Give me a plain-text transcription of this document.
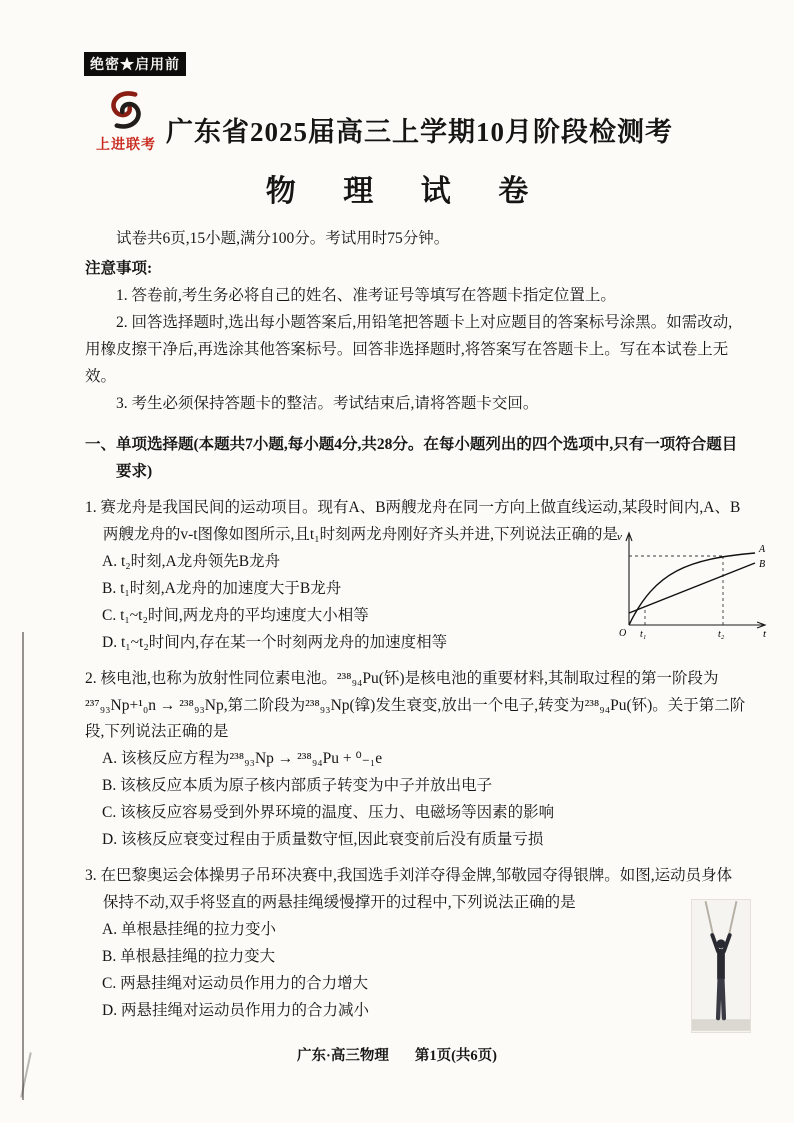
绝密★启用前
上进联考 广东省2025届高三上学期10月阶段检测考
物 理 试 卷

试卷共6页,15小题,满分100分。考试用时75分钟。

注意事项:

1. 答卷前,考生务必将自己的姓名、准考证号等填写在答题卡指定位置上。

2. 回答选择题时,选出每小题答案后,用铅笔把答题卡上对应题目的答案标号涂黑。如需改动,用橡皮擦干净后,再选涂其他答案标号。回答非选择题时,将答案写在答题卡上。写在本试卷上无效。

3. 考生必须保持答题卡的整洁。考试结束后,请将答题卡交回。

一、单项选择题(本题共7小题,每小题4分,共28分。在每小题列出的四个选项中,只有一项符合题目要求)

1. 赛龙舟是我国民间的运动项目。现有A、B两艘龙舟在同一方向上做直线运动,某段时间内,A、B两艘龙舟的v-t图像如图所示,且t₁时刻两龙舟刚好齐头并进,下列说法正确的是

A. t₂时刻,A龙舟领先B龙舟

B. t₁时刻,A龙舟的加速度大于B龙舟

C. t₁~t₂时间,两龙舟的平均速度大小相等

D. t₁~t₂时间内,存在某一个时刻两龙舟的加速度相等

v
t
O t₁	t₂
A
B

2. 核电池,也称为放射性同位素电池。²³⁸₉₄Pu(钚)是核电池的重要材料,其制取过程的第一阶段为²³⁷₉₃Np+¹₀n → ²³⁸₉₃Np,第二阶段为²³⁸₉₃Np(镎)发生衰变,放出一个电子,转变为²³⁸₉₄Pu(钚)。关于第二阶段,下列说法正确的是

A. 该核反应方程为²³⁸₉₃Np → ²³⁸₉₄Pu + ⁰₋₁e

B. 该核反应本质为原子核内部质子转变为中子并放出电子

C. 该核反应容易受到外界环境的温度、压力、电磁场等因素的影响

D. 该核反应衰变过程由于质量数守恒,因此衰变前后没有质量亏损

3. 在巴黎奥运会体操男子吊环决赛中,我国选手刘洋夺得金牌,邹敬园夺得银牌。如图,运动员身体保持不动,双手将竖直的两悬挂绳缓慢撑开的过程中,下列说法正确的是

A. 单根悬挂绳的拉力变小

B. 单根悬挂绳的拉力变大

C. 两悬挂绳对运动员作用力的合力增大

D. 两悬挂绳对运动员作用力的合力减小

广东·高三物理 第1页(共6页)
